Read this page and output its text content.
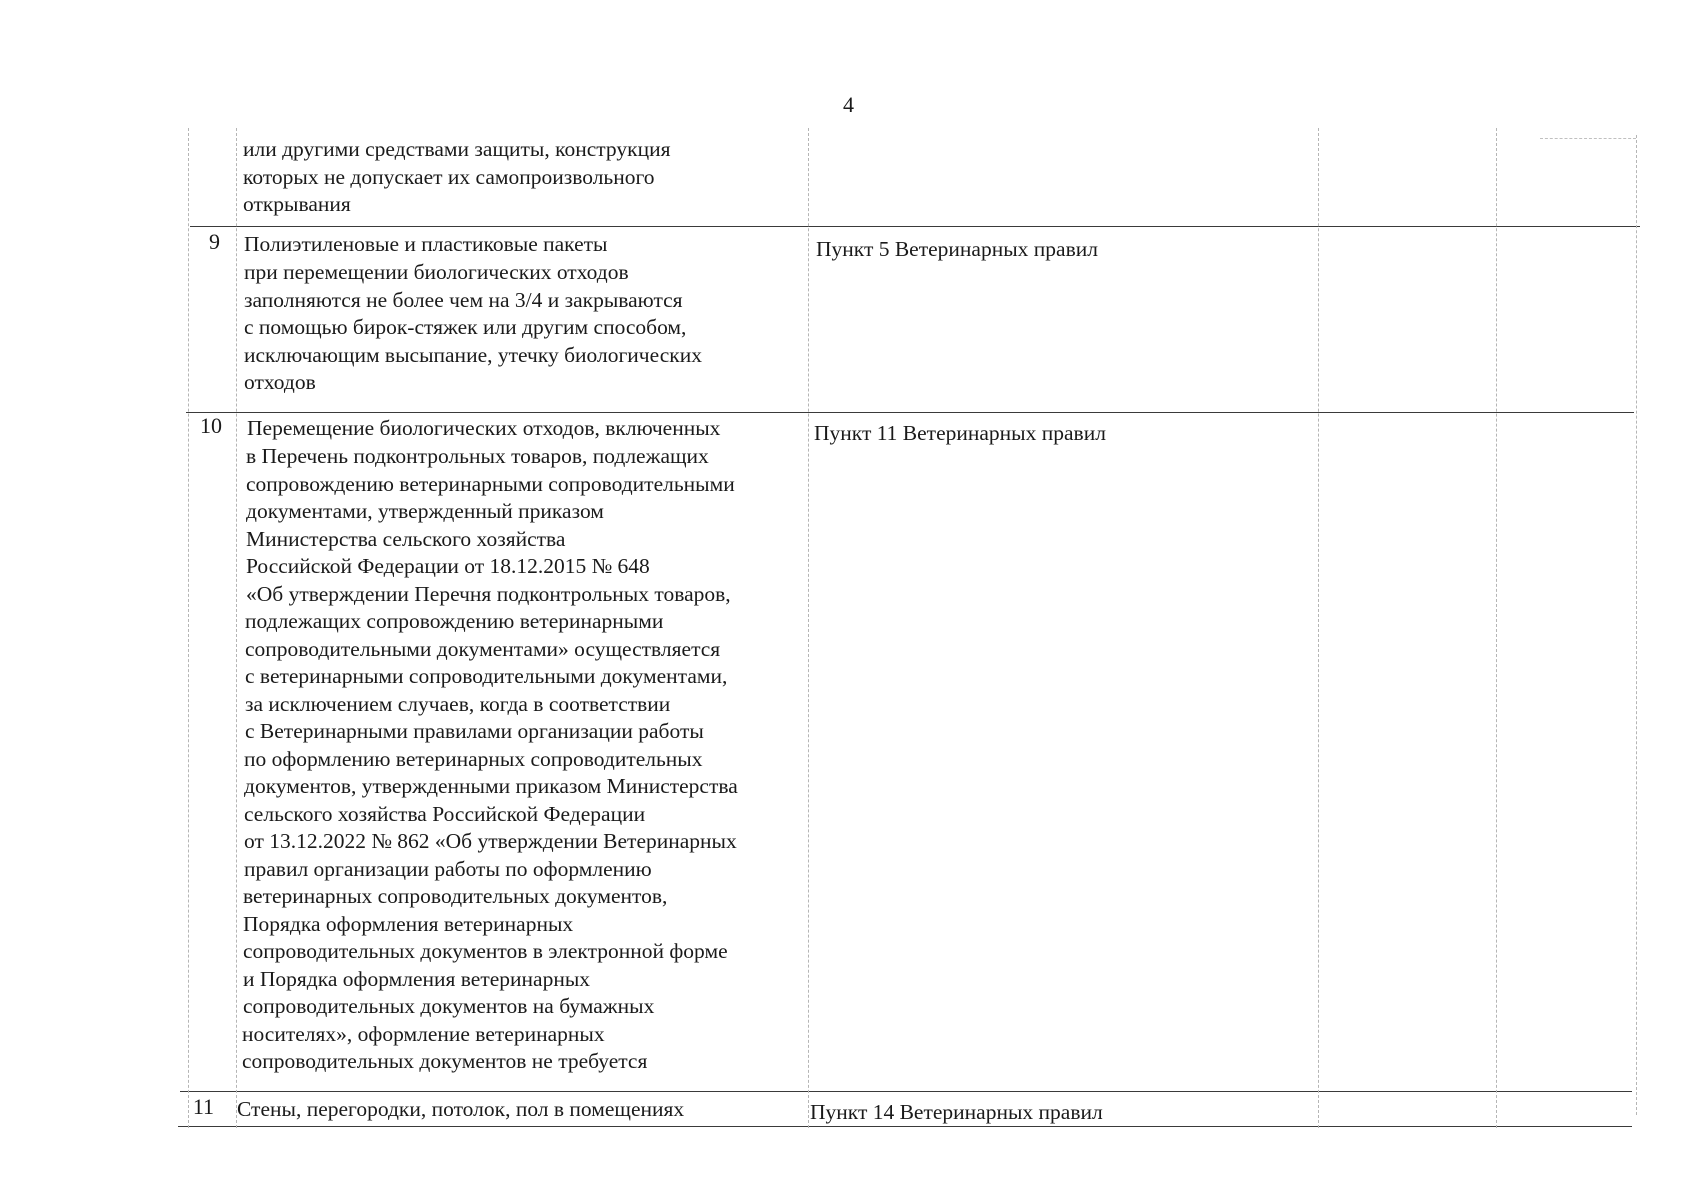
4
или другими средствами защиты, конструкция
которых не допускает их самопроизвольного
открывания
9 Полиэтиленовые и пластиковые пакеты
при перемещении биологических отходов
заполняются не более чем на 3/4 и закрываются
с помощью бирок-стяжек или другим способом,
исключающим высыпание, утечку биологических
отходов
Пункт 5 Ветеринарных правил
10 Перемещение биологических отходов, включенных
в Перечень подконтрольных товаров, подлежащих
сопровождению ветеринарными сопроводительными
документами, утвержденный приказом
Министерства сельского хозяйства
Российской Федерации от 18.12.2015 № 648
«Об утверждении Перечня подконтрольных товаров,
подлежащих сопровождению ветеринарными
сопроводительными документами» осуществляется
с ветеринарными сопроводительными документами,
за исключением случаев, когда в соответствии
с Ветеринарными правилами организации работы
по оформлению ветеринарных сопроводительных
документов, утвержденными приказом Министерства
сельского хозяйства Российской Федерации
от 13.12.2022 № 862 «Об утверждении Ветеринарных
правил организации работы по оформлению
ветеринарных сопроводительных документов,
Порядка оформления ветеринарных
сопроводительных документов в электронной форме
и Порядка оформления ветеринарных
сопроводительных документов на бумажных
носителях», оформление ветеринарных
сопроводительных документов не требуется
Пункт 11 Ветеринарных правил
11 Стены, перегородки, потолок, пол в помещениях	Пункт 14 Ветеринарных правил
